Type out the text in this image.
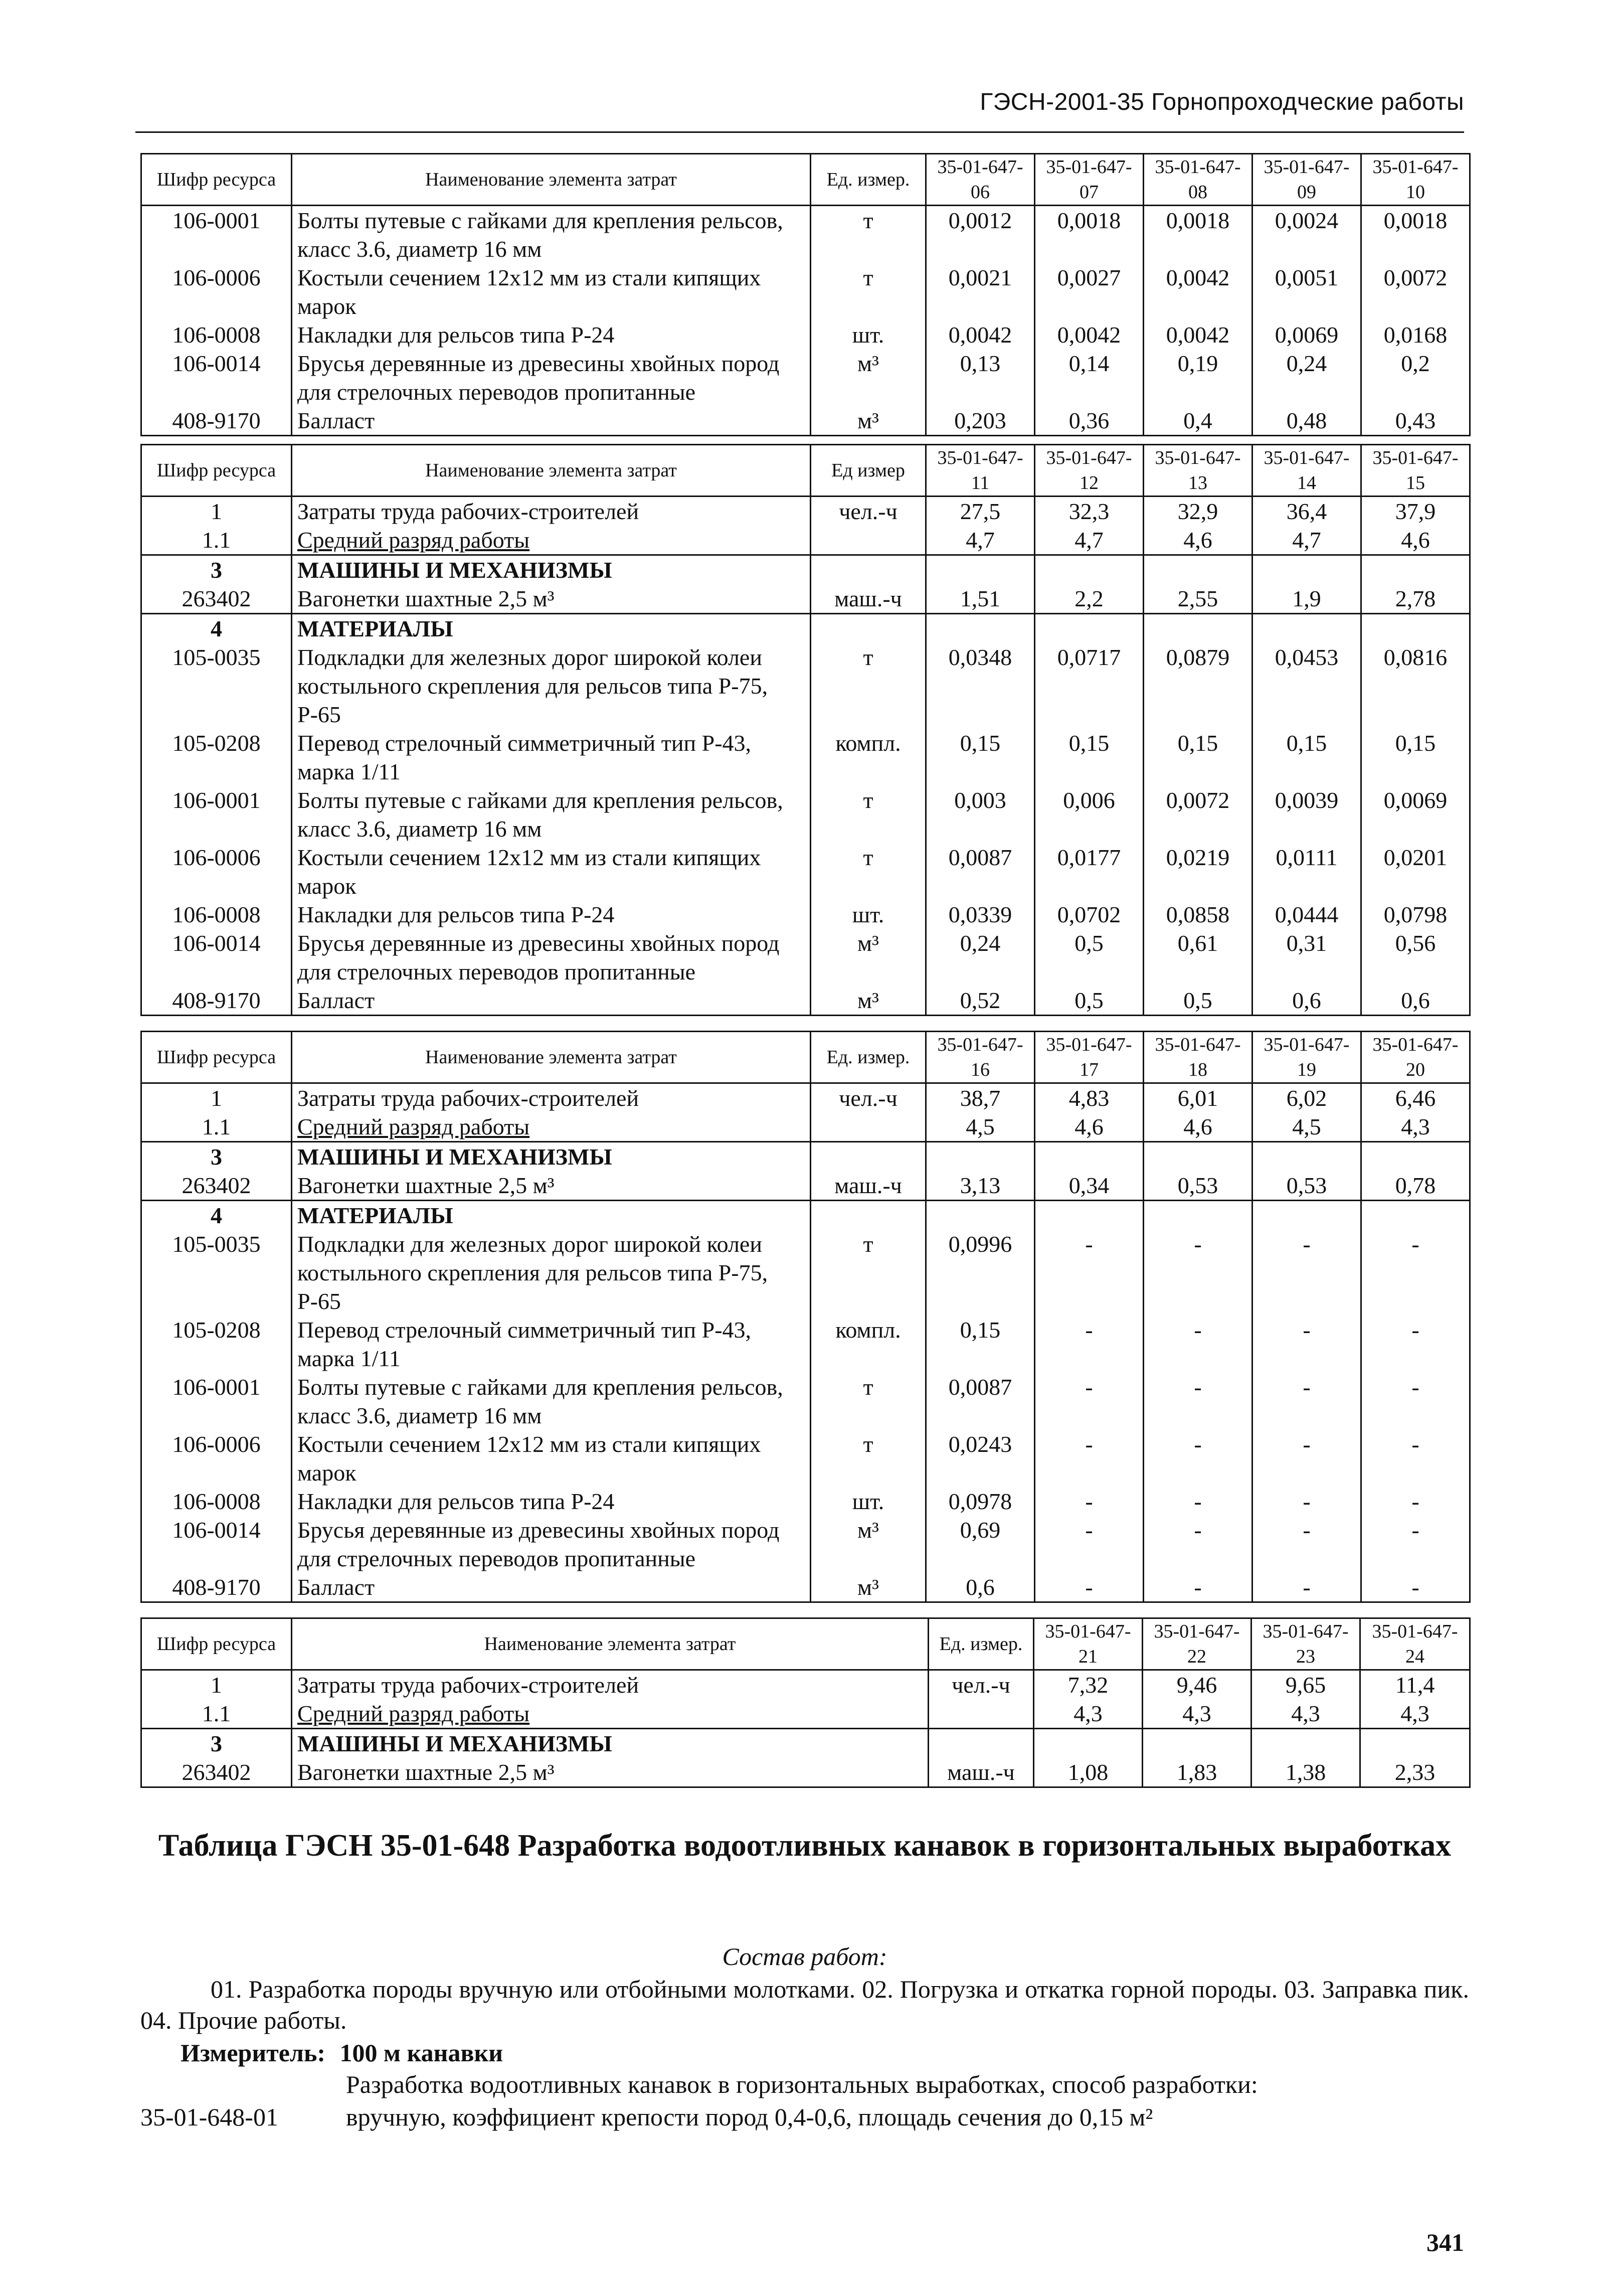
ГЭСН-2001-35 Горнопроходческие работы
Шифр ресурса	Наименование элемента затрат	Ед. измер.	35-01-647-06	35-01-647-07	35-01-647-08	35-01-647-09	35-01-647-10
106-0001	Болты путевые с гайками для крепления рельсов, класс 3.6, диаметр 16 мм	т	0,0012	0,0018	0,0018	0,0024	0,0018
106-0006	Костыли сечением 12х12 мм из стали кипящих марок	т	0,0021	0,0027	0,0042	0,0051	0,0072
106-0008	Накладки для рельсов типа Р-24	шт.	0,0042	0,0042	0,0042	0,0069	0,0168
106-0014	Брусья деревянные из древесины хвойных пород для стрелочных переводов пропитанные	м³	0,13	0,14	0,19	0,24	0,2
408-9170	Балласт	м³	0,203	0,36	0,4	0,48	0,43
Шифр ресурса	Наименование элемента затрат	Ед измер	35-01-647-11	35-01-647-12	35-01-647-13	35-01-647-14	35-01-647-15
1	Затраты труда рабочих-строителей	чел.-ч	27,5	32,3	32,9	36,4	37,9
1.1	Средний разряд работы		4,7	4,7	4,6	4,7	4,6
3	МАШИНЫ И МЕХАНИЗМЫ						
263402	Вагонетки шахтные 2,5 м³	маш.-ч	1,51	2,2	2,55	1,9	2,78
4	МАТЕРИАЛЫ						
105-0035	Подкладки для железных дорог широкой колеи костыльного скрепления для рельсов типа Р-75, Р-65	т	0,0348	0,0717	0,0879	0,0453	0,0816
105-0208	Перевод стрелочный симметричный тип Р-43, марка 1/11	компл.	0,15	0,15	0,15	0,15	0,15
106-0001	Болты путевые с гайками для крепления рельсов, класс 3.6, диаметр 16 мм	т	0,003	0,006	0,0072	0,0039	0,0069
106-0006	Костыли сечением 12х12 мм из стали кипящих марок	т	0,0087	0,0177	0,0219	0,0111	0,0201
106-0008	Накладки для рельсов типа Р-24	шт.	0,0339	0,0702	0,0858	0,0444	0,0798
106-0014	Брусья деревянные из древесины хвойных пород для стрелочных переводов пропитанные	м³	0,24	0,5	0,61	0,31	0,56
408-9170	Балласт	м³	0,52	0,5	0,5	0,6	0,6
Шифр ресурса	Наименование элемента затрат	Ед. измер.	35-01-647-16	35-01-647-17	35-01-647-18	35-01-647-19	35-01-647-20
1	Затраты труда рабочих-строителей	чел.-ч	38,7	4,83	6,01	6,02	6,46
1.1	Средний разряд работы		4,5	4,6	4,6	4,5	4,3
3	МАШИНЫ И МЕХАНИЗМЫ						
263402	Вагонетки шахтные 2,5 м³	маш.-ч	3,13	0,34	0,53	0,53	0,78
4	МАТЕРИАЛЫ						
105-0035	Подкладки для железных дорог широкой колеи костыльного скрепления для рельсов типа Р-75, Р-65	т	0,0996	-	-	-	-
105-0208	Перевод стрелочный симметричный тип Р-43, марка 1/11	компл.	0,15	-	-	-	-
106-0001	Болты путевые с гайками для крепления рельсов, класс 3.6, диаметр 16 мм	т	0,0087	-	-	-	-
106-0006	Костыли сечением 12х12 мм из стали кипящих марок	т	0,0243	-	-	-	-
106-0008	Накладки для рельсов типа Р-24	шт.	0,0978	-	-	-	-
106-0014	Брусья деревянные из древесины хвойных пород для стрелочных переводов пропитанные	м³	0,69	-	-	-	-
408-9170	Балласт	м³	0,6	-	-	-	-
Шифр ресурса	Наименование элемента затрат	Ед. измер.	35-01-647-21	35-01-647-22	35-01-647-23	35-01-647-24
1	Затраты труда рабочих-строителей	чел.-ч	7,32	9,46	9,65	11,4
1.1	Средний разряд работы		4,3	4,3	4,3	4,3
3	МАШИНЫ И МЕХАНИЗМЫ					
263402	Вагонетки шахтные 2,5 м³	маш.-ч	1,08	1,83	1,38	2,33
Таблица ГЭСН 35-01-648 Разработка водоотливных канавок в горизонтальных выработках
Состав работ:
01. Разработка породы вручную или отбойными молотками. 02. Погрузка и откатка горной породы. 03. Заправка пик. 04. Прочие работы.
Измеритель: 100 м канавки
Разработка водоотливных канавок в горизонтальных выработках, способ разработки:
35-01-648-01	вручную, коэффициент крепости пород 0,4-0,6, площадь сечения до 0,15 м²
341
